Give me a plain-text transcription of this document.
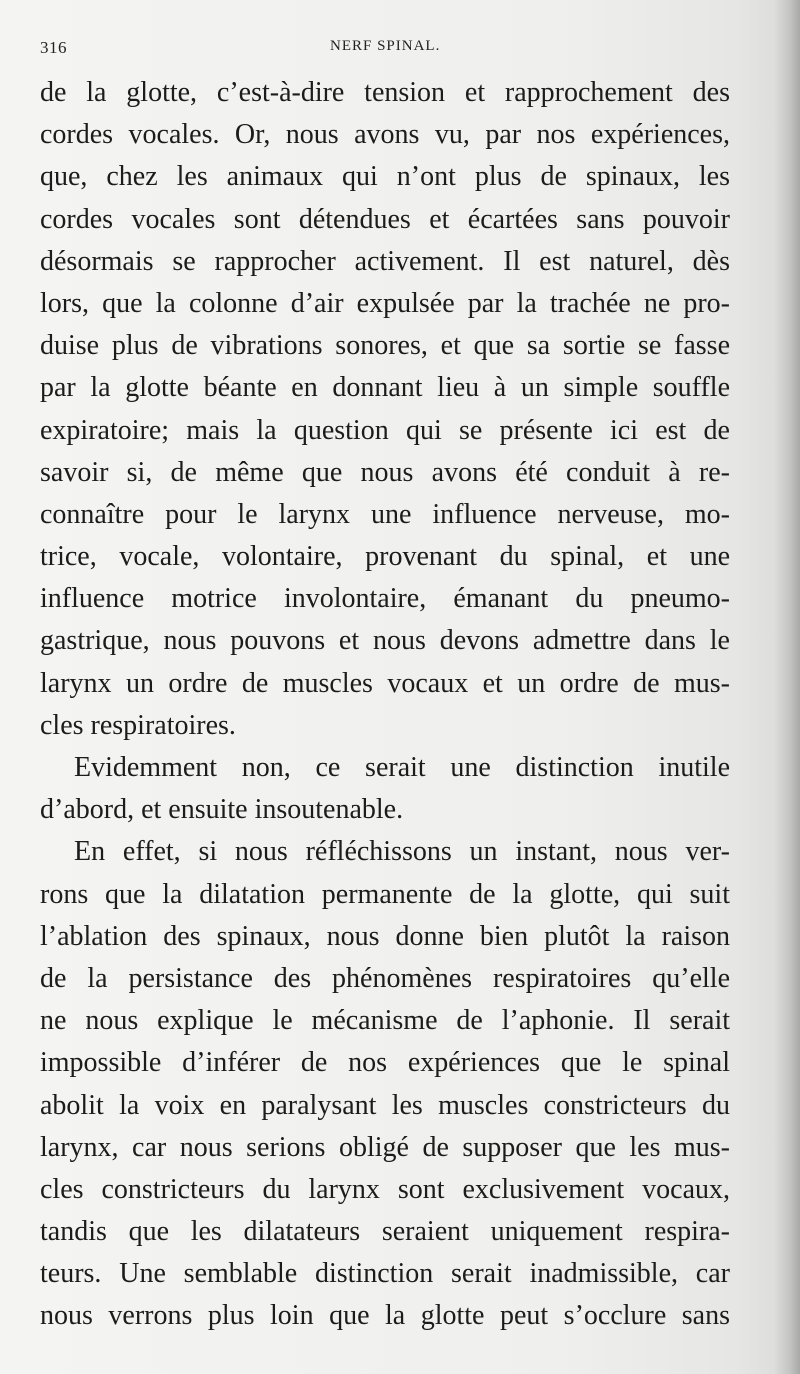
316	NERF SPINAL.
de la glotte, c’est-à-dire tension et rapprochement des
cordes vocales. Or, nous avons vu, par nos expériences,
que, chez les animaux qui n’ont plus de spinaux, les
cordes vocales sont détendues et écartées sans pouvoir
désormais se rapprocher activement. Il est naturel, dès
lors, que la colonne d’air expulsée par la trachée ne pro-
duise plus de vibrations sonores, et que sa sortie se fasse
par la glotte béante en donnant lieu à un simple souffle
expiratoire; mais la question qui se présente ici est de
savoir si, de même que nous avons été conduit à re-
connaître pour le larynx une influence nerveuse, mo-
trice, vocale, volontaire, provenant du spinal, et une
influence motrice involontaire, émanant du pneumo-
gastrique, nous pouvons et nous devons admettre dans le
larynx un ordre de muscles vocaux et un ordre de mus-
cles respiratoires.
Evidemment non, ce serait une distinction inutile
d’abord, et ensuite insoutenable.
En effet, si nous réfléchissons un instant, nous ver-
rons que la dilatation permanente de la glotte, qui suit
l’ablation des spinaux, nous donne bien plutôt la raison
de la persistance des phénomènes respiratoires qu’elle
ne nous explique le mécanisme de l’aphonie. Il serait
impossible d’inférer de nos expériences que le spinal
abolit la voix en paralysant les muscles constricteurs du
larynx, car nous serions obligé de supposer que les mus-
cles constricteurs du larynx sont exclusivement vocaux,
tandis que les dilatateurs seraient uniquement respira-
teurs. Une semblable distinction serait inadmissible, car
nous verrons plus loin que la glotte peut s’occlure sans
